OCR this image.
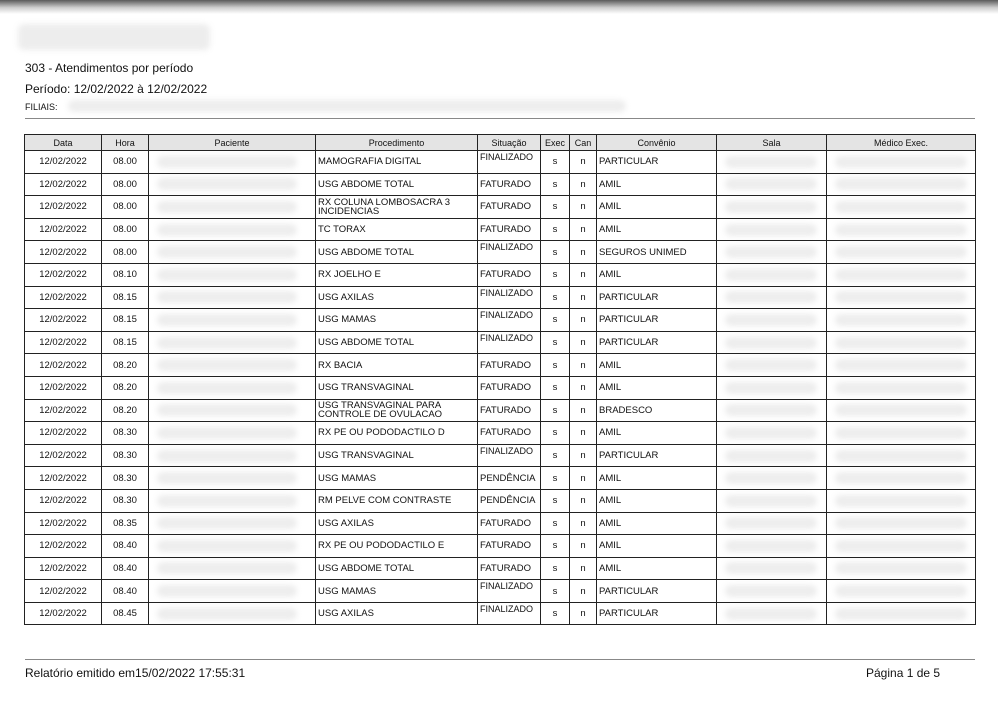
303 - Atendimentos por período
Período: 12/02/2022 à 12/02/2022
FILIAIS:
Data	Hora	Paciente	Procedimento	Situação	Exec	Can	Convênio	Sala	Médico Exec.
12/02/2022	08.00		MAMOGRAFIA DIGITAL	FINALIZADO	s	n	PARTICULAR	

12/02/2022	08.00		USG ABDOME TOTAL	FATURADO	s	n	AMIL	

12/02/2022	08.00		RX COLUNA LOMBOSACRA 3 INCIDENCIAS	FATURADO	s	n	AMIL	

12/02/2022	08.00		TC TORAX	FATURADO	s	n	AMIL	

12/02/2022	08.00		USG ABDOME TOTAL	FINALIZADO	s	n	SEGUROS UNIMED	

12/02/2022	08.10		RX JOELHO E	FATURADO	s	n	AMIL	

12/02/2022	08.15		USG AXILAS	FINALIZADO	s	n	PARTICULAR	

12/02/2022	08.15		USG MAMAS	FINALIZADO	s	n	PARTICULAR	

12/02/2022	08.15		USG ABDOME TOTAL	FINALIZADO	s	n	PARTICULAR	

12/02/2022	08.20		RX BACIA	FATURADO	s	n	AMIL	

12/02/2022	08.20		USG TRANSVAGINAL	FATURADO	s	n	AMIL	

12/02/2022	08.20		USG TRANSVAGINAL PARA CONTROLE DE OVULACAO	FATURADO	s	n	BRADESCO	

12/02/2022	08.30		RX PE OU PODODACTILO D	FATURADO	s	n	AMIL	

12/02/2022	08.30		USG TRANSVAGINAL	FINALIZADO	s	n	PARTICULAR	

12/02/2022	08.30		USG MAMAS	PENDÊNCIA	s	n	AMIL	

12/02/2022	08.30		RM PELVE COM CONTRASTE	PENDÊNCIA	s	n	AMIL	

12/02/2022	08.35		USG AXILAS	FATURADO	s	n	AMIL	

12/02/2022	08.40		RX PE OU PODODACTILO E	FATURADO	s	n	AMIL	

12/02/2022	08.40		USG ABDOME TOTAL	FATURADO	s	n	AMIL	

12/02/2022	08.40		USG MAMAS	FINALIZADO	s	n	PARTICULAR	

12/02/2022	08.45		USG AXILAS	FINALIZADO	s	n	PARTICULAR	

Relatório emitido em15/02/2022 17:55:31	Página 1 de 5
